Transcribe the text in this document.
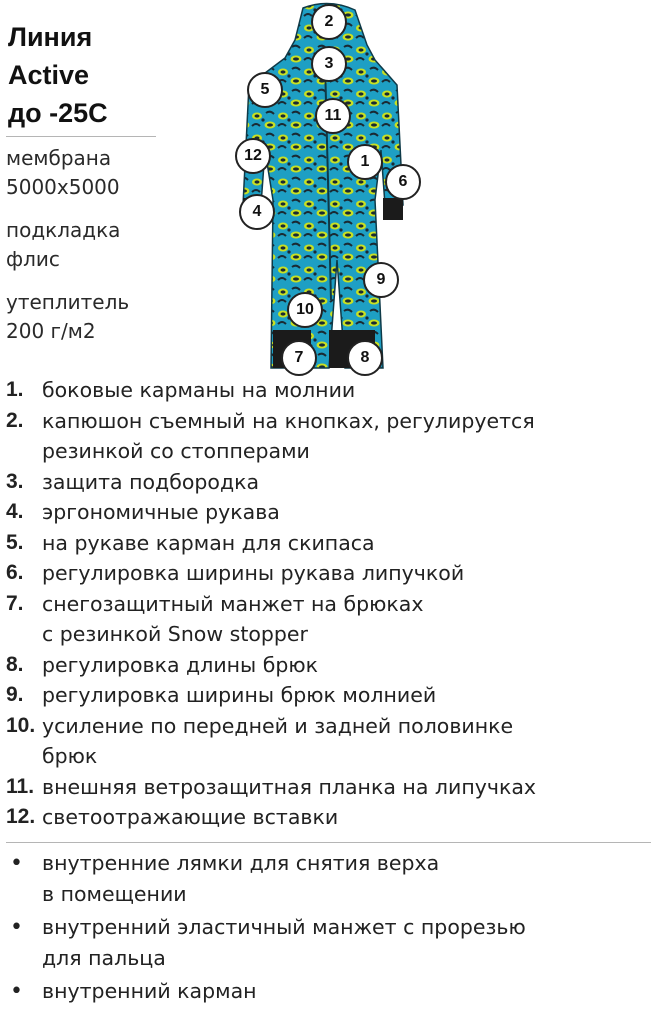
Линия
Active
до -25С
мембрана
5000х5000
подкладка
флис
утеплитель
200 г/м2
2
3
5
11
12	1
6
4
9
10
7	8
1. боковые карманы на молнии
2. капюшон съемный на кнопках, регулируется
резинкой со стопперами
3. защита подбородка
4. эргономичные рукава
5. на рукаве карман для скипаса
6. регулировка ширины рукава липучкой
7. снегозащитный манжет на брюках
с резинкой Snow stopper
8. регулировка длины брюк
9. регулировка ширины брюк молнией
10. усиление по передней и задней половинке
брюк
11. внешняя ветрозащитная планка на липучках
12. светоотражающие вставки
• внутренние лямки для снятия верха
в помещении
• внутренний эластичный манжет с прорезью
для пальца
• внутренний карман
